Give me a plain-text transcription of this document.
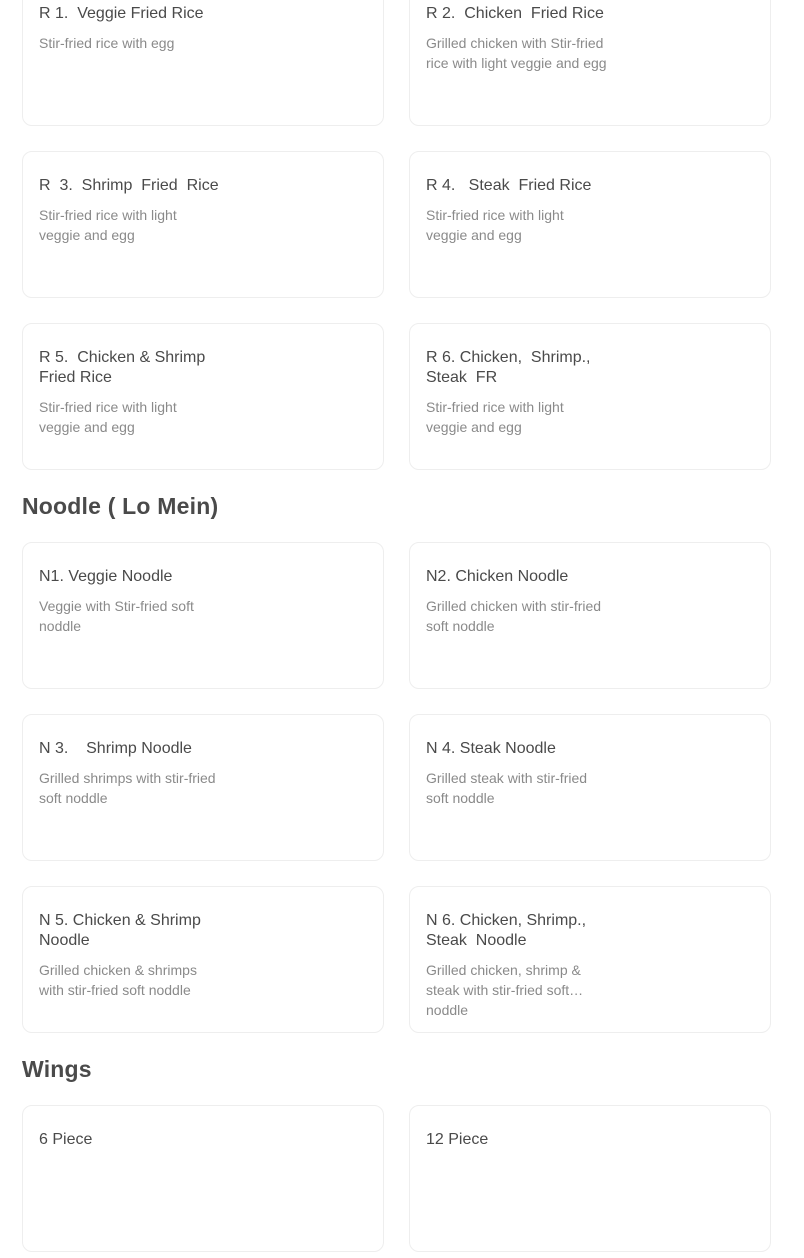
R 1.  Veggie Fried Rice

Stir-fried rice with egg

R 2.  Chicken  Fried Rice

Grilled chicken with Stir-fried rice with light veggie and egg

R  3.  Shrimp  Fried  Rice

Stir-fried rice with light veggie and egg

R 4.   Steak  Fried Rice

Stir-fried rice with light veggie and egg

R 5.  Chicken & Shrimp Fried Rice

Stir-fried rice with light veggie and egg

R 6. Chicken,  Shrimp., Steak  FR

Stir-fried rice with light veggie and egg
Noodle ( Lo Mein)

N1. Veggie Noodle

Veggie with Stir-fried soft noddle

N2. Chicken Noodle

Grilled chicken with stir-fried soft noddle

N 3.    Shrimp Noodle

Grilled shrimps with stir-fried soft noddle

N 4. Steak Noodle

Grilled steak with stir-fried soft noddle

N 5. Chicken & Shrimp Noodle

Grilled chicken & shrimps with stir-fried soft noddle

N 6. Chicken, Shrimp., Steak  Noodle

Grilled chicken, shrimp & steak with stir-fried soft noddle
Wings

6 Piece	12 Piece
